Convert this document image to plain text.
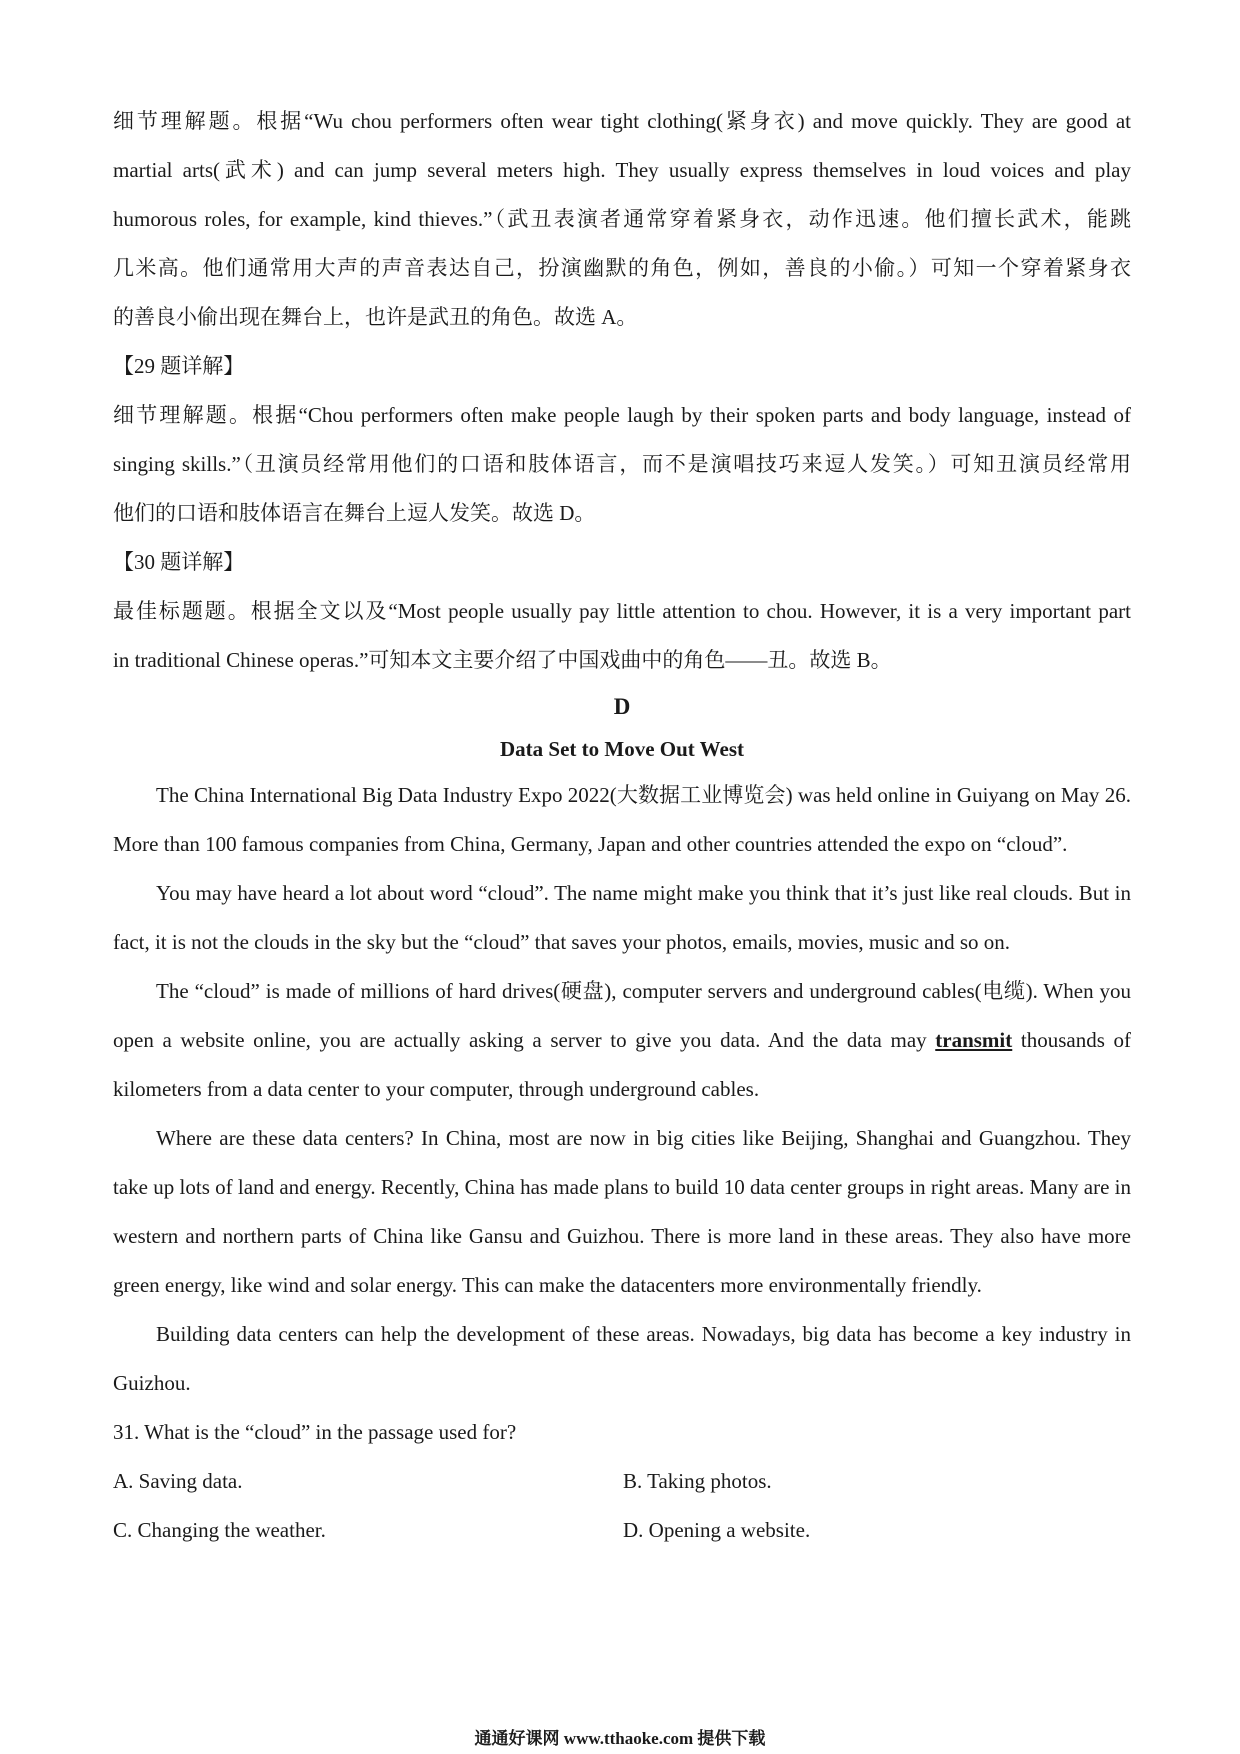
细节理解题。根据“Wu chou performers often wear tight clothing(紧身衣) and move quickly. They are good at

martial arts(武术) and can jump several meters high. They usually express themselves in loud voices and play

humorous roles, for example, kind thieves.”（武丑表演者通常穿着紧身衣，动作迅速。他们擅长武术，能跳

几米高。他们通常用大声的声音表达自己，扮演幽默的角色，例如，善良的小偷。）可知一个穿着紧身衣

的善良小偷出现在舞台上，也许是武丑的角色。故选 A。

【29 题详解】

细节理解题。根据“Chou performers often make people laugh by their spoken parts and body language, instead of

singing skills.”（丑演员经常用他们的口语和肢体语言，而不是演唱技巧来逗人发笑。）可知丑演员经常用

他们的口语和肢体语言在舞台上逗人发笑。故选 D。

【30 题详解】

最佳标题题。根据全文以及“Most people usually pay little attention to chou. However, it is a very important part

in traditional Chinese operas.”可知本文主要介绍了中国戏曲中的角色——丑。故选 B。

D

Data Set to Move Out West

The China International Big Data Industry Expo 2022(大数据工业博览会) was held online in Guiyang on May 26. More than 100 famous companies from China, Germany, Japan and other countries attended the expo on “cloud”.

You may have heard a lot about word “cloud”. The name might make you think that it’s just like real clouds. But in fact, it is not the clouds in the sky but the “cloud” that saves your photos, emails, movies, music and so on.

The “cloud” is made of millions of hard drives(硬盘), computer servers and underground cables(电缆). When you open a website online, you are actually asking a server to give you data. And the data may transmit thousands of kilometers from a data center to your computer, through underground cables.

Where are these data centers? In China, most are now in big cities like Beijing, Shanghai and Guangzhou. They take up lots of land and energy. Recently, China has made plans to build 10 data center groups in right areas. Many are in western and northern parts of China like Gansu and Guizhou. There is more land in these areas. They also have more green energy, like wind and solar energy. This can make the datacenters more environmentally friendly.

Building data centers can help the development of these areas. Nowadays, big data has become a key industry in Guizhou.

31. What is the “cloud” in the passage used for?

A. Saving data.	B. Taking photos.
C. Changing the weather.	D. Opening a website.
通通好课网 www.tthaoke.com 提供下载
